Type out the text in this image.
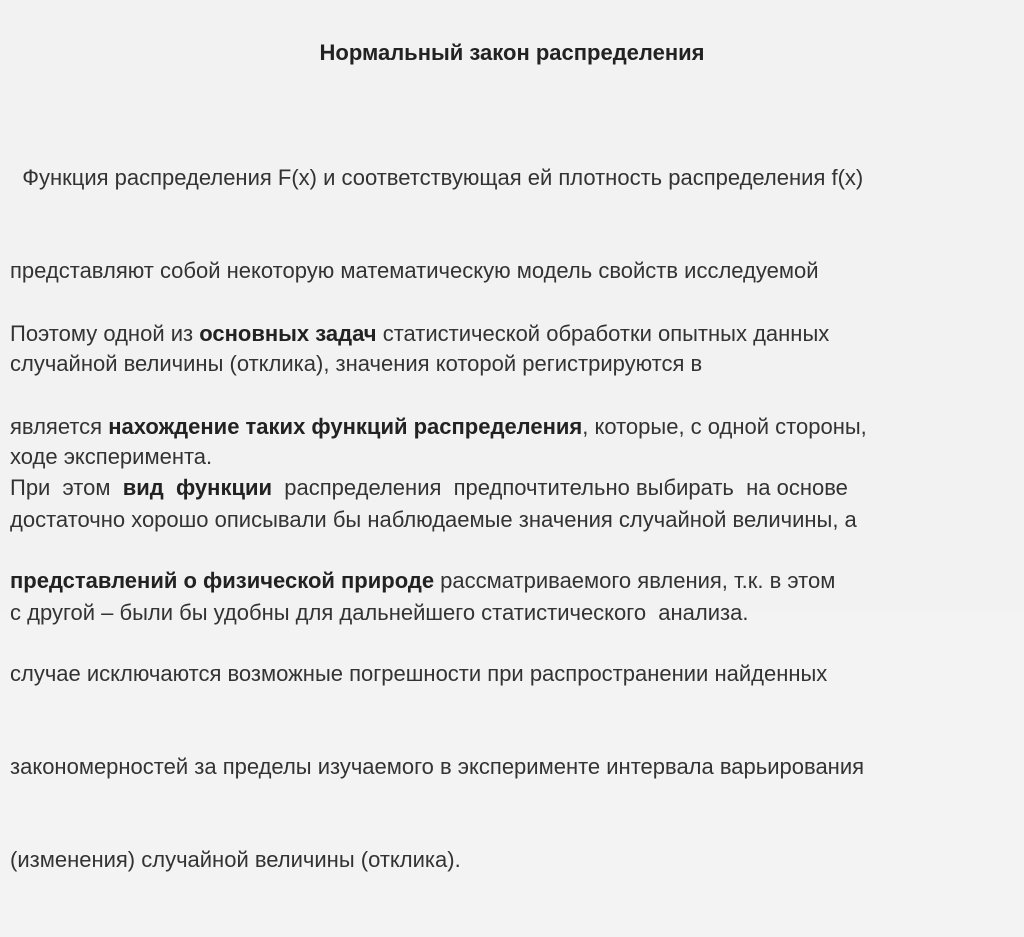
Нормальный закон распределения

Функция распределения F(x) и соответствующая ей плотность распределения f(x)

представляют собой некоторую математическую модель свойств исследуемой

случайной величины (отклика), значения которой регистрируются в

ходе эксперимента.

Поэтому одной из основных задач статистической обработки опытных данных

является нахождение таких функций распределения, которые, с одной стороны,

достаточно хорошо описывали бы наблюдаемые значения случайной величины, а

с другой – были бы удобны для дальнейшего статистического  анализа.

При  этом  вид  функции  распределения  предпочтительно выбирать  на основе

представлений о физической природе рассматриваемого явления, т.к. в этом

случае исключаются возможные погрешности при распространении найденных

закономерностей за пределы изучаемого в эксперименте интервала варьирования

(изменения) случайной величины (отклика).
